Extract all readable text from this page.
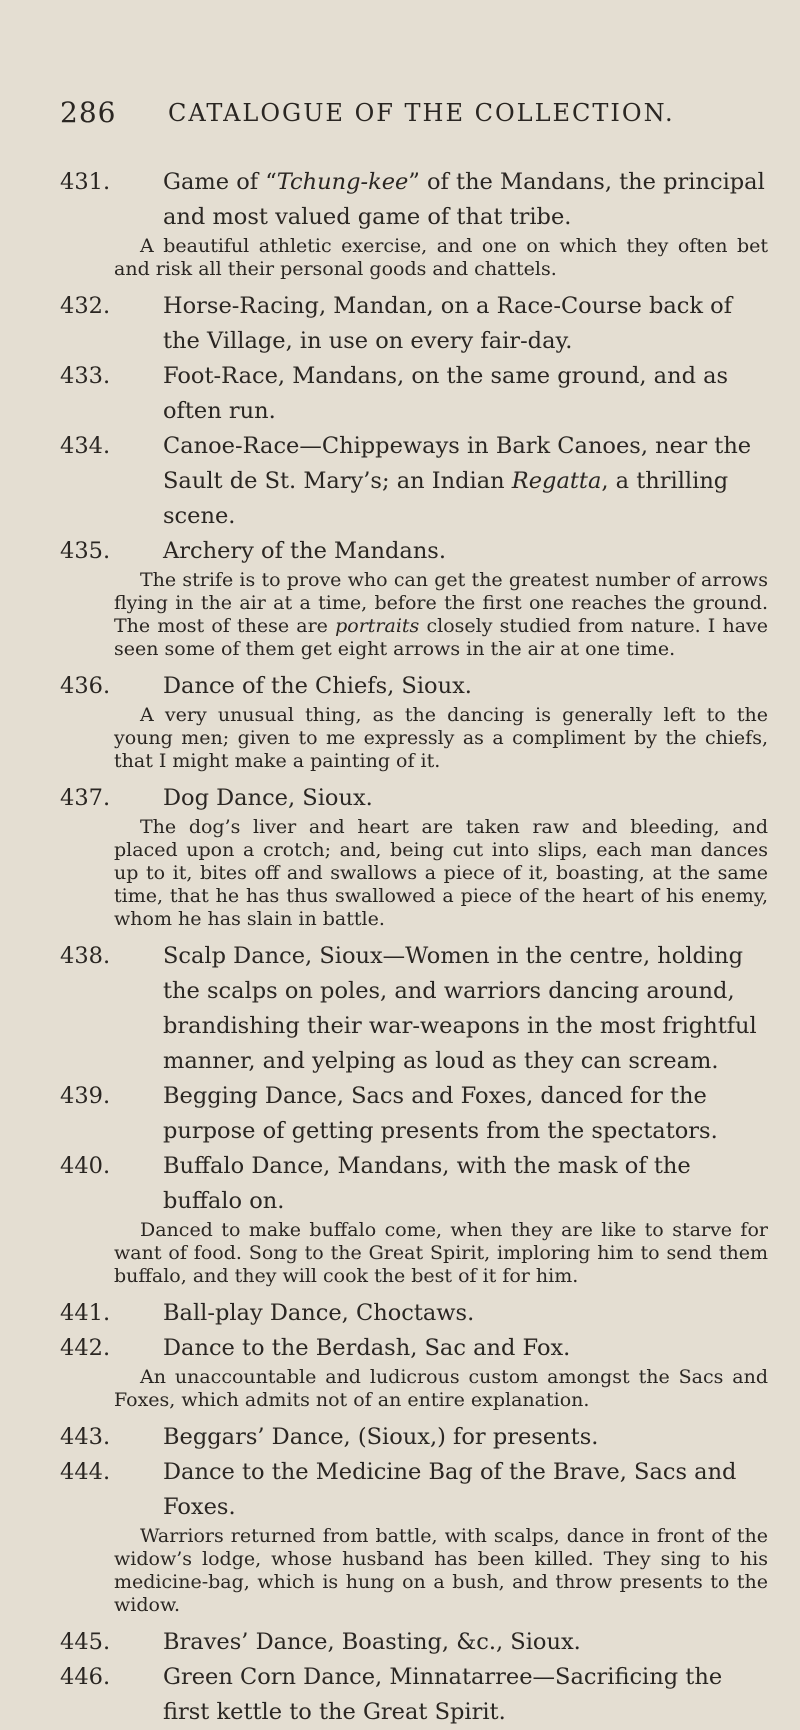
286 CATALOGUE OF THE COLLECTION.

431. Game of “Tchung-kee” of the Mandans, the principal and most valued game of that tribe.

A beautiful athletic exercise, and one on which they often bet and risk all their personal goods and chattels.

432. Horse-Racing, Mandan, on a Race-Course back of the Village, in use on every fair-day.

433. Foot-Race, Mandans, on the same ground, and as often run.

434. Canoe-Race—Chippeways in Bark Canoes, near the Sault de St. Mary’s; an Indian Regatta, a thrilling scene.

435. Archery of the Mandans.

The strife is to prove who can get the greatest number of arrows flying in the air at a time, before the first one reaches the ground. The most of these are portraits closely studied from nature. I have seen some of them get eight arrows in the air at one time.

436. Dance of the Chiefs, Sioux.

A very unusual thing, as the dancing is generally left to the young men; given to me expressly as a compliment by the chiefs, that I might make a painting of it.

437. Dog Dance, Sioux.

The dog’s liver and heart are taken raw and bleeding, and placed upon a crotch; and, being cut into slips, each man dances up to it, bites off and swallows a piece of it, boasting, at the same time, that he has thus swallowed a piece of the heart of his enemy, whom he has slain in battle.

438. Scalp Dance, Sioux—Women in the centre, holding the scalps on poles, and warriors dancing around, brandishing their war-weapons in the most frightful manner, and yelping as loud as they can scream.

439. Begging Dance, Sacs and Foxes, danced for the purpose of getting presents from the spectators.

440. Buffalo Dance, Mandans, with the mask of the buffalo on.

Danced to make buffalo come, when they are like to starve for want of food. Song to the Great Spirit, imploring him to send them buffalo, and they will cook the best of it for him.

441. Ball-play Dance, Choctaws.

442. Dance to the Berdash, Sac and Fox.

An unaccountable and ludicrous custom amongst the Sacs and Foxes, which admits not of an entire explanation.

443. Beggars’ Dance, (Sioux,) for presents.

444. Dance to the Medicine Bag of the Brave, Sacs and Foxes.

Warriors returned from battle, with scalps, dance in front of the widow’s lodge, whose husband has been killed. They sing to his medicine-bag, which is hung on a bush, and throw presents to the widow.

445. Braves’ Dance, Boasting, &c., Sioux.

446. Green Corn Dance, Minnatarree—Sacrificing the first kettle to the Great Spirit.
